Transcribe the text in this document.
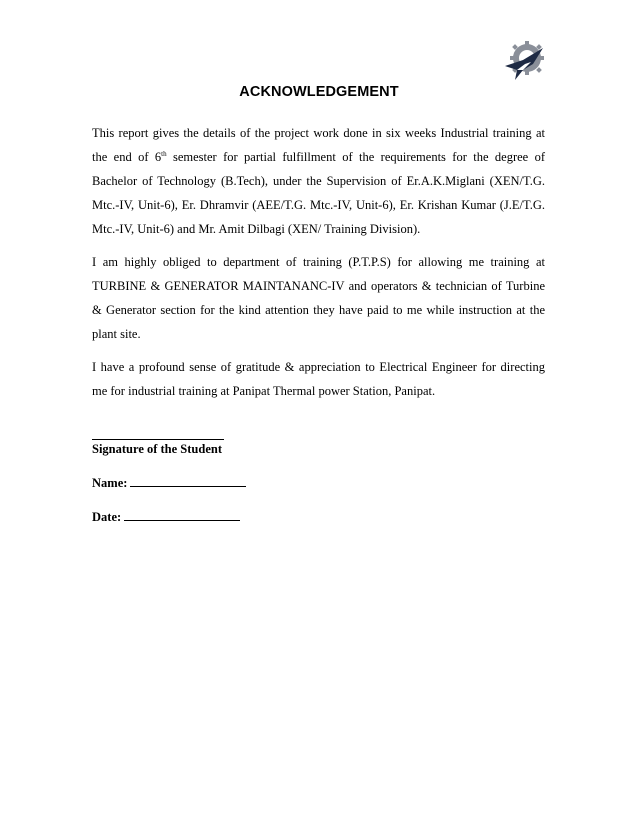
ACKNOWLEDGEMENT

This report gives the details of the project work done in six weeks Industrial training at the end of 6th semester for partial fulfillment of the requirements for the degree of Bachelor of Technology (B.Tech), under the Supervision of Er.A.K.Miglani (XEN/T.G. Mtc.-IV, Unit-6), Er. Dhramvir (AEE/T.G. Mtc.-IV, Unit-6), Er. Krishan Kumar (J.E/T.G. Mtc.-IV, Unit-6) and Mr. Amit Dilbagi (XEN/ Training Division).

I am highly obliged to department of training (P.T.P.S) for allowing me training at TURBINE & GENERATOR MAINTANANC-IV and operators & technician of Turbine & Generator section for the kind attention they have paid to me while instruction at the plant site.

I have a profound sense of gratitude & appreciation to Electrical Engineer for directing me for industrial training at Panipat Thermal power Station, Panipat.

Signature of the Student
Name:
Date:
